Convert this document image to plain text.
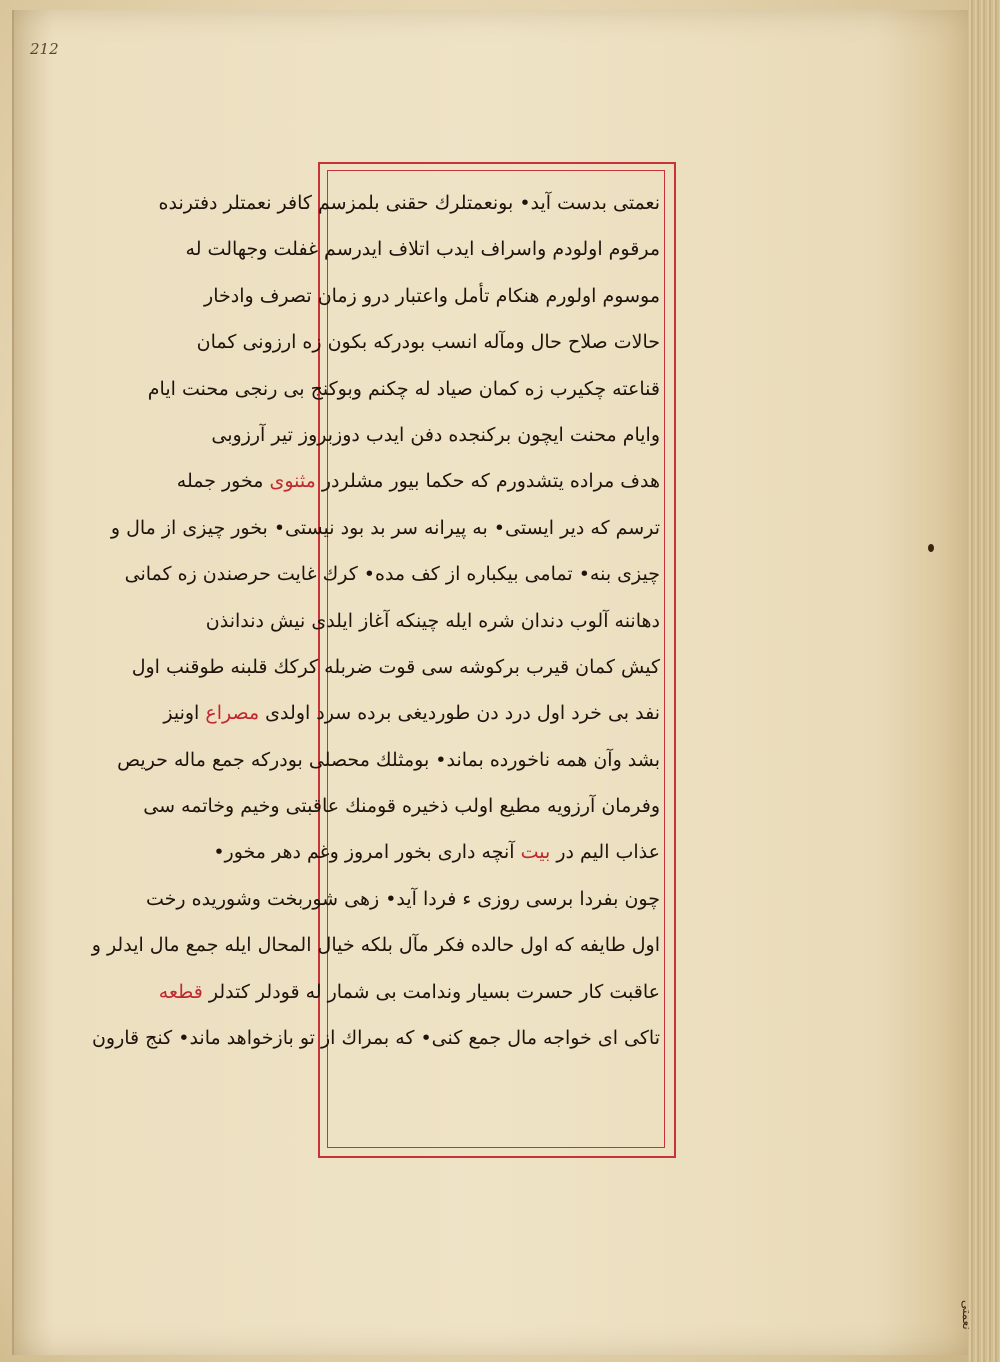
212
نعمتی بدست آید• بونعمتلرك حقنی بلمزسم کافر نعمتلر دفترنده
مرقوم اولودم واسراف ایدب اتلاف ایدرسم غفلت وجهالت له
موسوم اولورم هنکام تأمل واعتبار درو زمان تصرف وادخار
حالات صلاح حال ومآله انسب بودرکه بکون زه ارزونی کمان
قناعته چکیرب زه کمان صیاد له چکنم وبوکنج بی رنجی محنت ایام
وایام محنت ایچون برکنجده دفن ایدب دوزبروز تیر آرزوبی
هدف مراده یتشدورم که حکما بیور مشلردر مثنوی مخور جمله
ترسم که دیر ایستی• به پیرانه سر بد بود نیستی• بخور چیزی از مال و
چیزی بنه• تمامی بیکباره از کف مده• کرك غایت حرصندن زه کمانی
دهاننه آلوب دندان شره ایله چینکه آغاز ایلدی نیش دندانذن
کیش کمان قیرب برکوشه سی قوت ضربله کرکك قلبنه طوقنب اول
نفد بی خرد اول درد دن طوردیغی برده سرد اولدی مصراع اونیز
بشد وآن همه ناخورده بماند• بومثلك محصلی بودرکه جمع ماله حریص
وفرمان آرزویه مطیع اولب ذخیره قومنك عاقبتی وخیم وخاتمه سی
عذاب الیم در بیت آنچه داری بخور امروز وغم دهر مخور•
چون بفردا برسی روزی ء فردا آید• زهی شوربخت وشوریده رخت
اول طایفه که اول حالده فکر مآل بلکه خیال المحال ایله جمع مال ایدلر و
عاقبت کار حسرت بسیار وندامت بی شمار له قودلر کتدلر قطعه
تاکی ای خواجه مال جمع کنی• که بمراك از تو بازخواهد ماند• کنج قارون
نعمتی
